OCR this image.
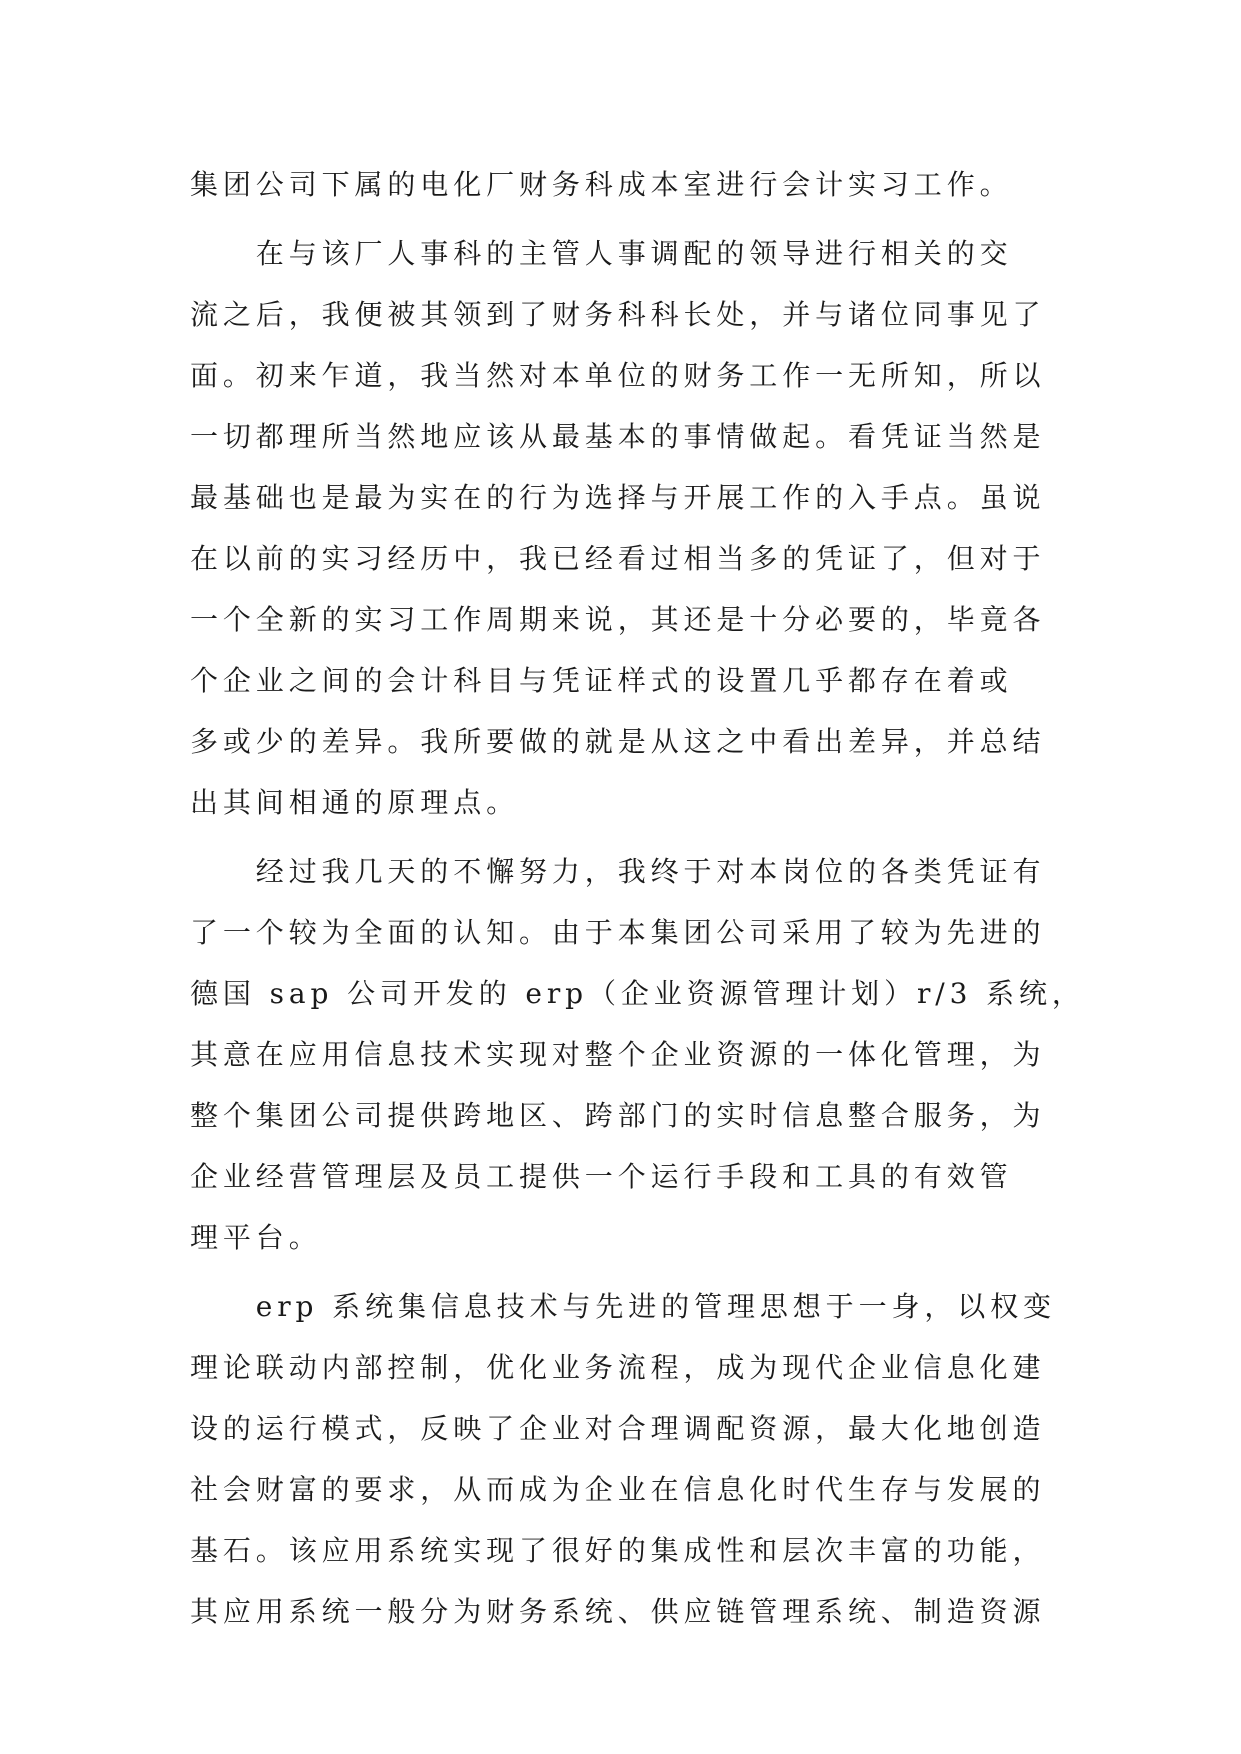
集团公司下属的电化厂财务科成本室进行会计实习工作。
　　在与该厂人事科的主管人事调配的领导进行相关的交
流之后，我便被其领到了财务科科长处，并与诸位同事见了
面。初来乍道，我当然对本单位的财务工作一无所知，所以
一切都理所当然地应该从最基本的事情做起。看凭证当然是
最基础也是最为实在的行为选择与开展工作的入手点。虽说
在以前的实习经历中，我已经看过相当多的凭证了，但对于
一个全新的实习工作周期来说，其还是十分必要的，毕竟各
个企业之间的会计科目与凭证样式的设置几乎都存在着或
多或少的差异。我所要做的就是从这之中看出差异，并总结
出其间相通的原理点。
　　经过我几天的不懈努力，我终于对本岗位的各类凭证有
了一个较为全面的认知。由于本集团公司采用了较为先进的
德国 sap 公司开发的 erp（企业资源管理计划）r/3 系统，
其意在应用信息技术实现对整个企业资源的一体化管理，为
整个集团公司提供跨地区、跨部门的实时信息整合服务，为
企业经营管理层及员工提供一个运行手段和工具的有效管
理平台。
　　erp 系统集信息技术与先进的管理思想于一身，以权变
理论联动内部控制，优化业务流程，成为现代企业信息化建
设的运行模式，反映了企业对合理调配资源，最大化地创造
社会财富的要求，从而成为企业在信息化时代生存与发展的
基石。该应用系统实现了很好的集成性和层次丰富的功能，
其应用系统一般分为财务系统、供应链管理系统、制造资源
